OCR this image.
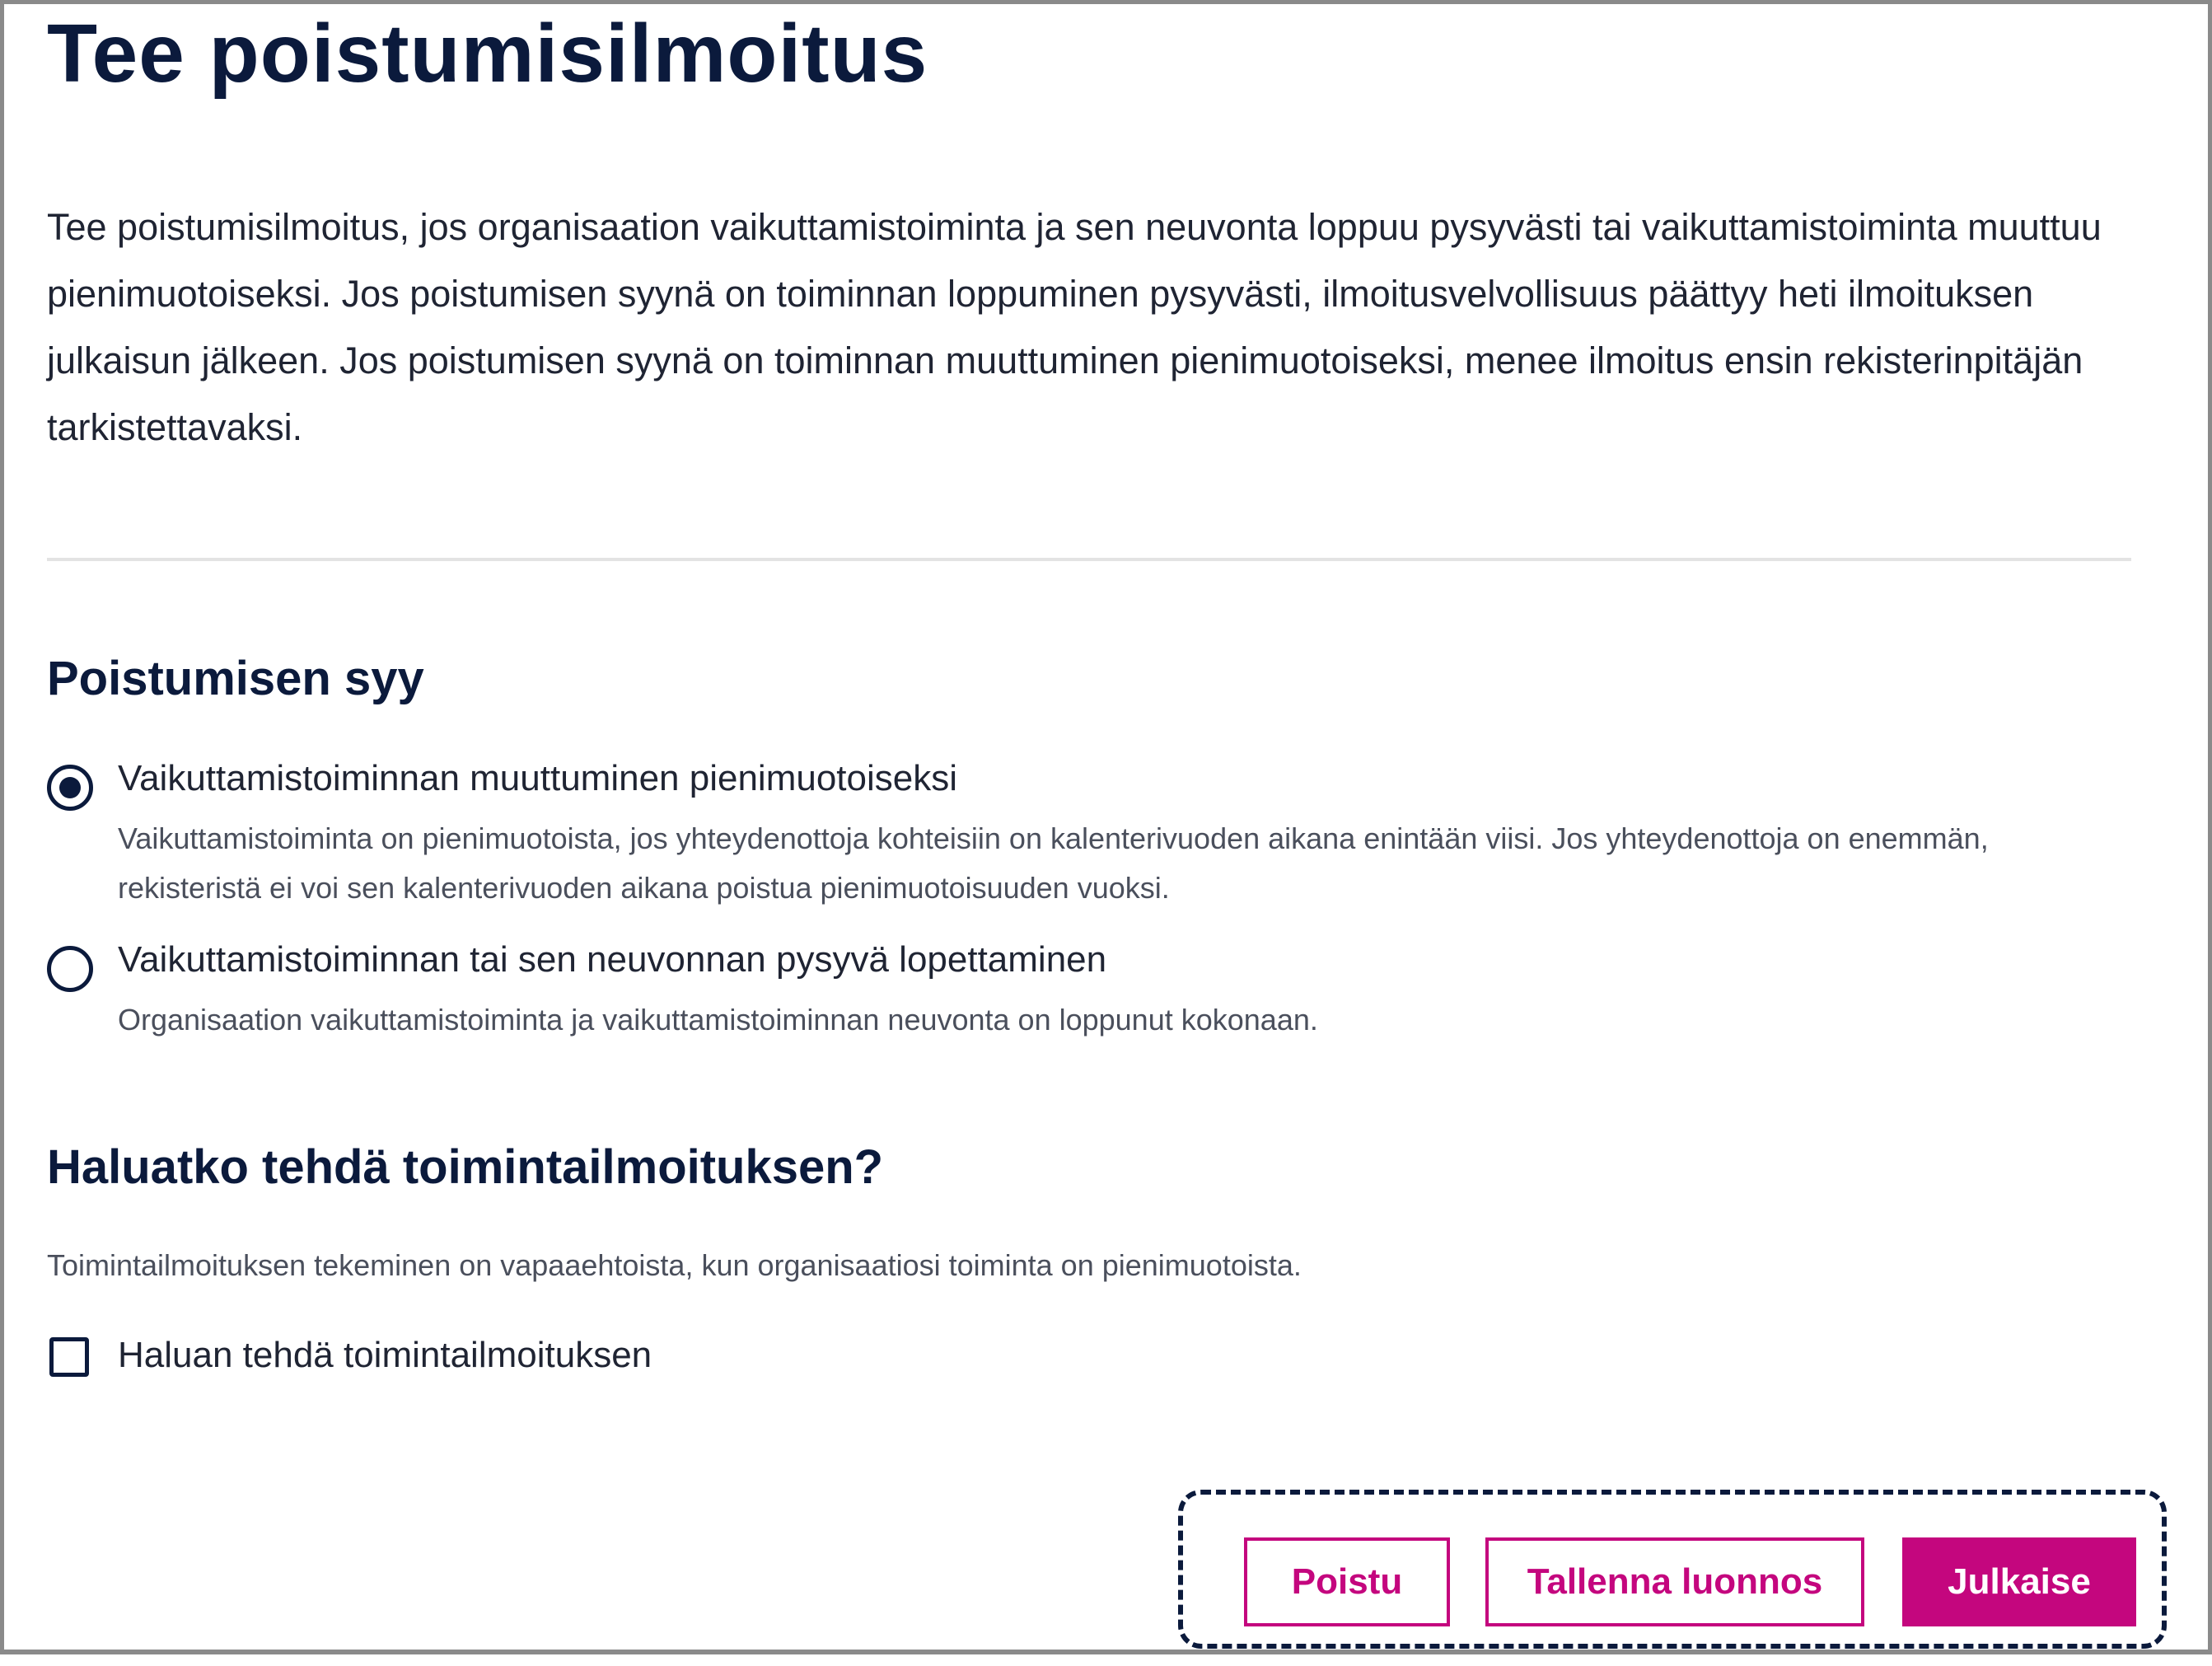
Tee poistumisilmoitus

Tee poistumisilmoitus, jos organisaation vaikuttamistoiminta ja sen neuvonta loppuu pysyvästi tai vaikuttamistoiminta muuttuu pienimuotoiseksi. Jos poistumisen syynä on toiminnan loppuminen pysyvästi, ilmoitusvelvollisuus päättyy heti ilmoituksen julkaisun jälkeen. Jos poistumisen syynä on toiminnan muuttuminen pienimuotoiseksi, menee ilmoitus ensin rekisterinpitäjän tarkistettavaksi.

Poistumisen syy
Vaikuttamistoiminnan muuttuminen pienimuotoiseksi

Vaikuttamistoiminta on pienimuotoista, jos yhteydenottoja kohteisiin on kalenterivuoden aikana enintään viisi. Jos yhteydenottoja on enemmän, rekisteristä ei voi sen kalenterivuoden aikana poistua pienimuotoisuuden vuoksi.

Vaikuttamistoiminnan tai sen neuvonnan pysyvä lopettaminen

Organisaation vaikuttamistoiminta ja vaikuttamistoiminnan neuvonta on loppunut kokonaan.

Haluatko tehdä toimintailmoituksen?

Toimintailmoituksen tekeminen on vapaaehtoista, kun organisaatiosi toiminta on pienimuotoista.

Haluan tehdä toimintailmoituksen
Poistu	Tallenna luonnos	Julkaise
